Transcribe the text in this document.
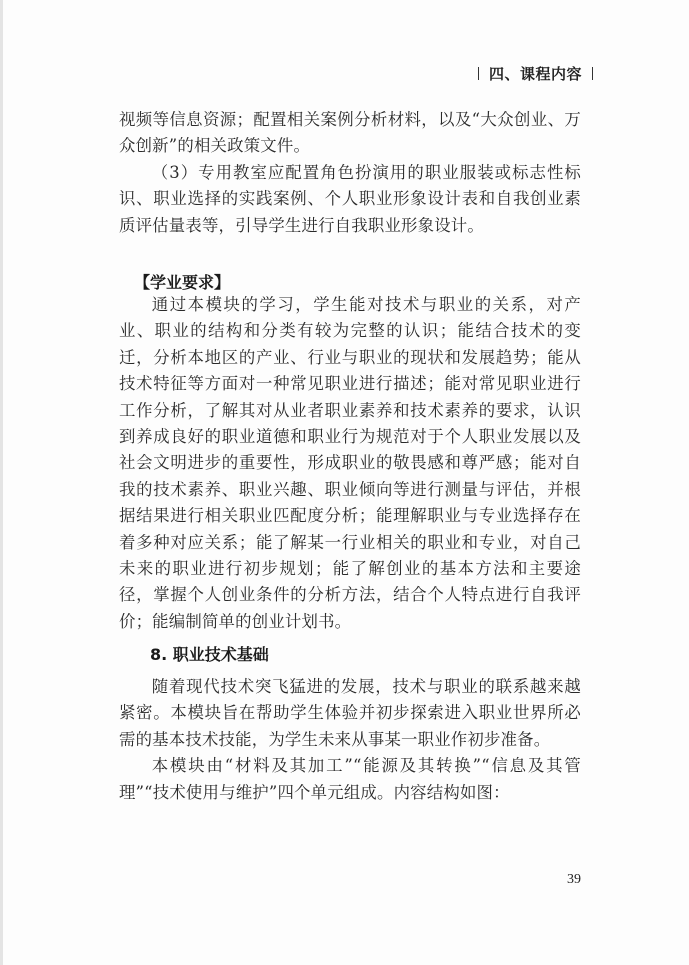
四、课程内容

视频等信息资源；配置相关案例分析材料，以及“大众创业、万众创新”的相关政策文件。

（3）专用教室应配置角色扮演用的职业服装或标志性标识、职业选择的实践案例、个人职业形象设计表和自我创业素质评估量表等，引导学生进行自我职业形象设计。

【学业要求】

通过本模块的学习，学生能对技术与职业的关系，对产业、职业的结构和分类有较为完整的认识；能结合技术的变迁，分析本地区的产业、行业与职业的现状和发展趋势；能从技术特征等方面对一种常见职业进行描述；能对常见职业进行工作分析，了解其对从业者职业素养和技术素养的要求，认识到养成良好的职业道德和职业行为规范对于个人职业发展以及社会文明进步的重要性，形成职业的敬畏感和尊严感；能对自我的技术素养、职业兴趣、职业倾向等进行测量与评估，并根据结果进行相关职业匹配度分析；能理解职业与专业选择存在着多种对应关系；能了解某一行业相关的职业和专业，对自己未来的职业进行初步规划；能了解创业的基本方法和主要途径，掌握个人创业条件的分析方法，结合个人特点进行自我评价；能编制简单的创业计划书。

8. 职业技术基础

随着现代技术突飞猛进的发展，技术与职业的联系越来越紧密。本模块旨在帮助学生体验并初步探索进入职业世界所必需的基本技术技能，为学生未来从事某一职业作初步准备。

本模块由“材料及其加工”“能源及其转换”“信息及其管理”“技术使用与维护”四个单元组成。内容结构如图：

39
